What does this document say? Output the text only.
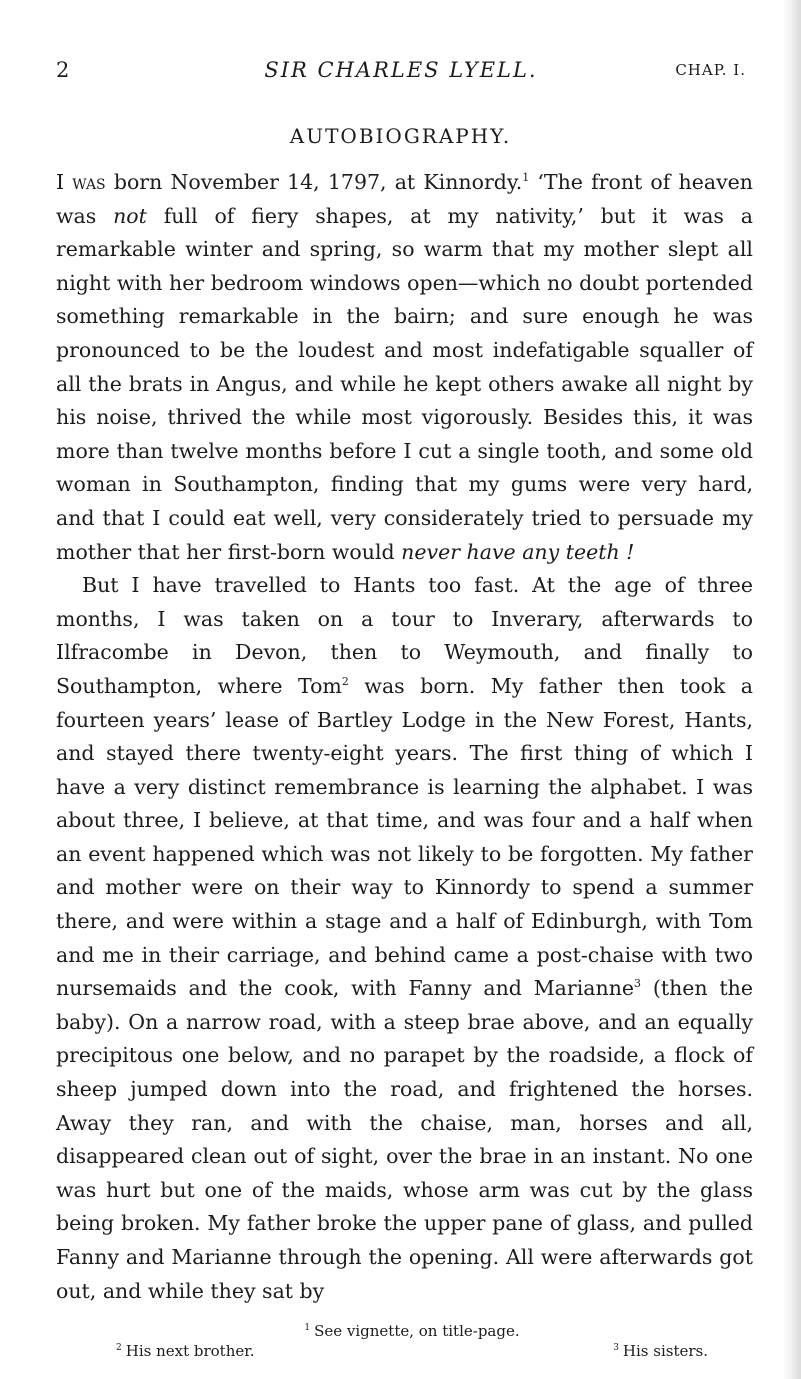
2	SIR CHARLES LYELL.	CHAP. I.
AUTOBIOGRAPHY.

I was born November 14, 1797, at Kinnordy.$^1$ ‘The front of heaven was not full of fiery shapes, at my nativity,’ but it was a remarkable winter and spring, so warm that my mother slept all night with her bedroom windows open—which no doubt portended something remarkable in the bairn; and sure enough he was pronounced to be the loudest and most indefatigable squaller of all the brats in Angus, and while he kept others awake all night by his noise, thrived the while most vigorously. Besides this, it was more than twelve months before I cut a single tooth, and some old woman in Southampton, finding that my gums were very hard, and that I could eat well, very considerately tried to persuade my mother that her first-born would never have any teeth !

But I have travelled to Hants too fast. At the age of three months, I was taken on a tour to Inverary, afterwards to Ilfracombe in Devon, then to Weymouth, and finally to Southampton, where Tom$^2$ was born. My father then took a fourteen years’ lease of Bartley Lodge in the New Forest, Hants, and stayed there twenty-eight years. The first thing of which I have a very distinct remembrance is learning the alphabet. I was about three, I believe, at that time, and was four and a half when an event happened which was not likely to be forgotten. My father and mother were on their way to Kinnordy to spend a summer there, and were within a stage and a half of Edinburgh, with Tom and me in their carriage, and behind came a post-chaise with two nursemaids and the cook, with Fanny and Marianne$^3$ (then the baby). On a narrow road, with a steep brae above, and an equally precipitous one below, and no parapet by the roadside, a flock of sheep jumped down into the road, and frightened the horses. Away they ran, and with the chaise, man, horses and all, disappeared clean out of sight, over the brae in an instant. No one was hurt but one of the maids, whose arm was cut by the glass being broken. My father broke the upper pane of glass, and pulled Fanny and Marianne through the opening. All were afterwards got out, and while they sat by

$^1$ See vignette, on title-page.
$^2$ His next brother.	$^3$ His sisters.
